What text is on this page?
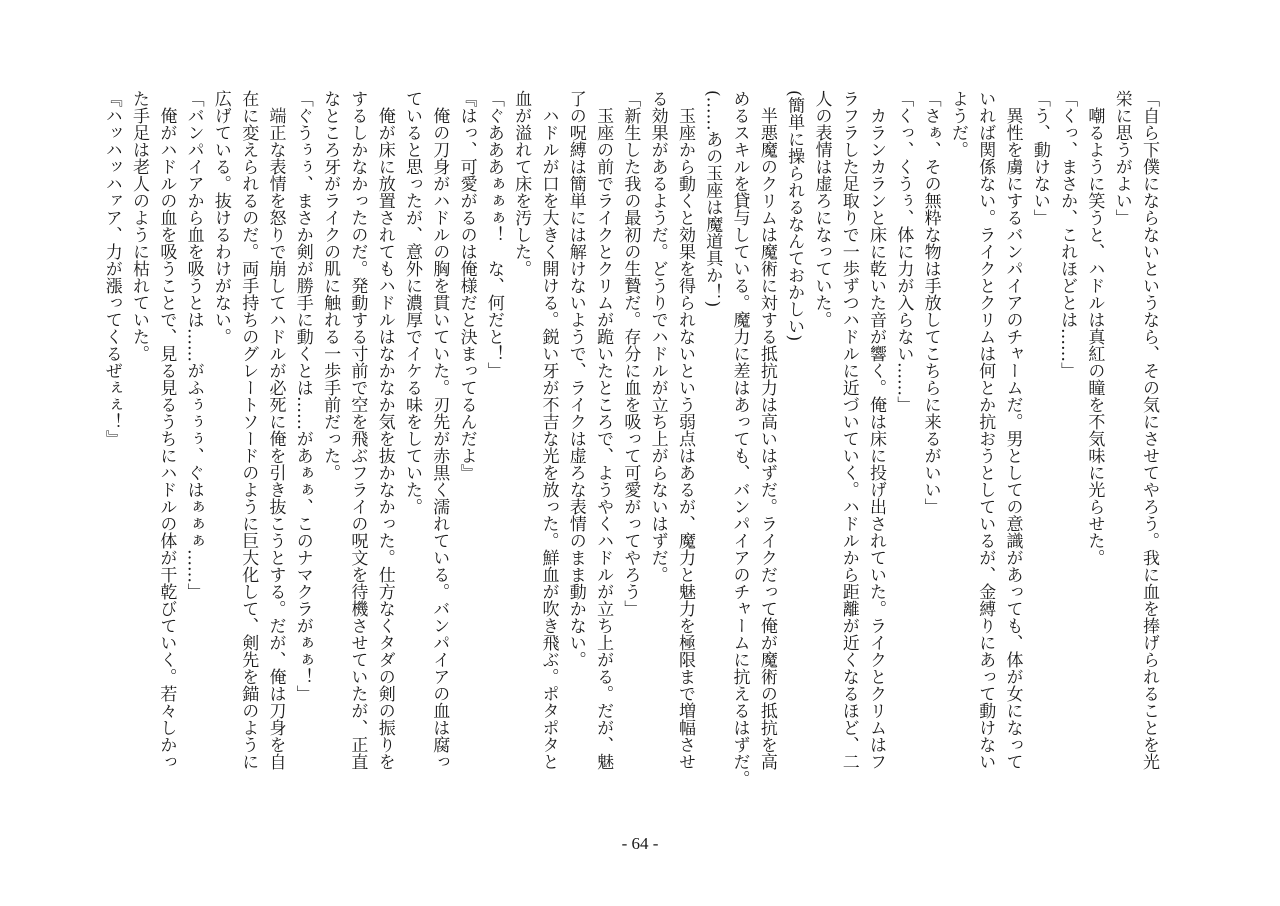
「自ら下僕にならないというなら、その気にさせてやろう。我に血を捧げられることを光
栄に思うがよい」
　嘲るように笑うと、ハドルは真紅の瞳を不気味に光らせた。
「くっ、まさか、これほどとは……」
「う、動けない」
　異性を虜にするバンパイアのチャームだ。男としての意識があっても、体が女になって
いれば関係ない。ライクとクリムは何とか抗おうとしているが、金縛りにあって動けない
ようだ。
「さぁ、その無粋な物は手放してこちらに来るがいい」
「くっ、くうぅ、体に力が入らない……」
　カランカランと床に乾いた音が響く。俺は床に投げ出されていた。ライクとクリムはフ
ラフラした足取りで一歩ずつハドルに近づいていく。ハドルから距離が近くなるほど、二
人の表情は虚ろになっていた。
(簡単に操られるなんておかしい)
　半悪魔のクリムは魔術に対する抵抗力は高いはずだ。ライクだって俺が魔術の抵抗を高
めるスキルを貸与している。魔力に差はあっても、バンパイアのチャームに抗えるはずだ。
(……あの玉座は魔道具か！)
　玉座から動くと効果を得られないという弱点はあるが、魔力と魅力を極限まで増幅させ
る効果があるようだ。どうりでハドルが立ち上がらないはずだ。
「新生した我の最初の生贄だ。存分に血を吸って可愛がってやろう」
　玉座の前でライクとクリムが跪いたところで、ようやくハドルが立ち上がる。だが、魅
了の呪縛は簡単には解けないようで、ライクは虚ろな表情のまま動かない。
　ハドルが口を大きく開ける。鋭い牙が不吉な光を放った。鮮血が吹き飛ぶ。ポタポタと
血が溢れて床を汚した。
「ぐあああぁぁぁ！　な、何だと！」
『はっ、可愛がるのは俺様だと決まってるんだよ』
　俺の刀身がハドルの胸を貫いていた。刃先が赤黒く濡れている。バンパイアの血は腐っ
ていると思ったが、意外に濃厚でイケる味をしていた。
　俺が床に放置されてもハドルはなかなか気を抜かなかった。仕方なくタダの剣の振りを
するしかなかったのだ。発動する寸前で空を飛ぶフライの呪文を待機させていたが、正直
なところ牙がライクの肌に触れる一歩手前だった。
「ぐうぅぅ、まさか剣が勝手に動くとは……があぁぁ、このナマクラがぁぁ！」
　端正な表情を怒りで崩してハドルが必死に俺を引き抜こうとする。だが、俺は刀身を自
在に変えられるのだ。両手持ちのグレートソードのように巨大化して、剣先を錨のように
広げている。抜けるわけがない。
「バンパイアから血を吸うとは……がふぅぅぅ、ぐはぁぁぁ……」
　俺がハドルの血を吸うことで、見る見るうちにハドルの体が干乾びていく。若々しかっ
た手足は老人のように枯れていた。
『ハッハッハァア、力が漲ってくるぜぇぇ！』
- 64 -
